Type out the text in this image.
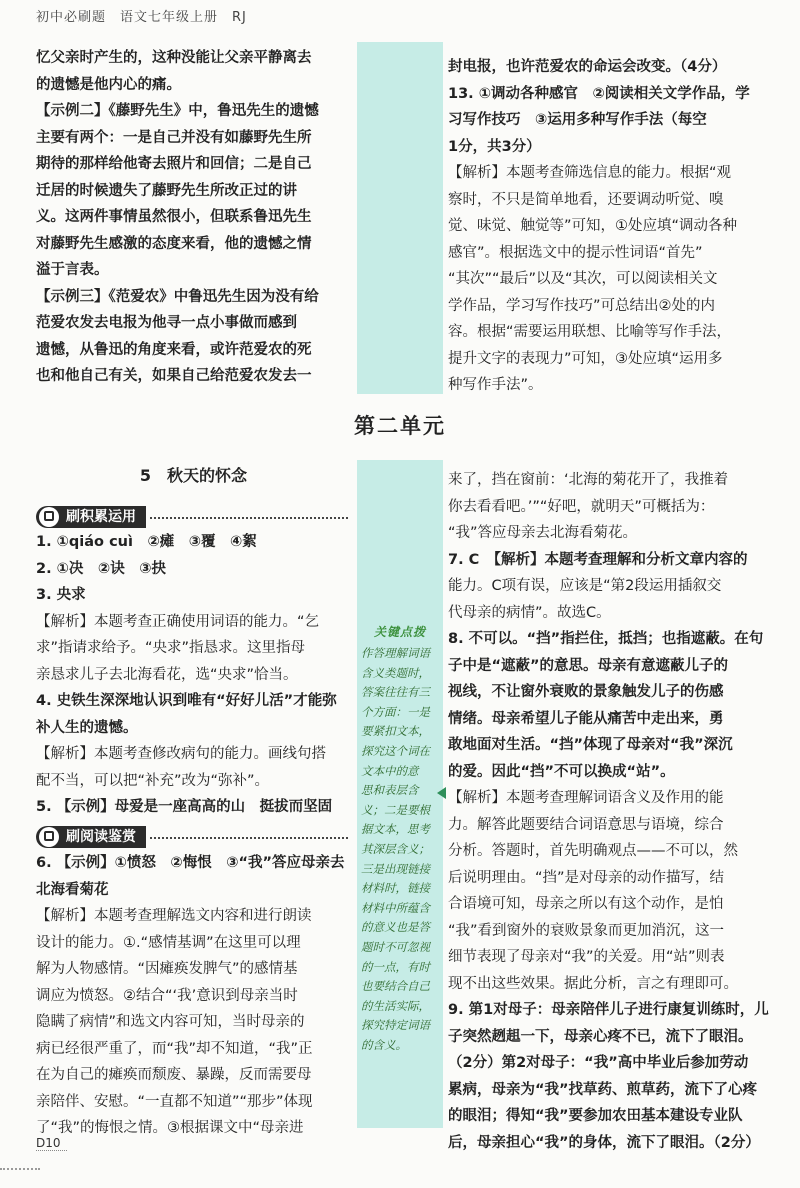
初中必刷题　语文七年级上册　RJ
关键点拨
作答理解词语
含义类题时，
答案往往有三
个方面：一是
要紧扣文本，
探究这个词在
文本中的意
思和表层含
义；二是要根
据文本，思考
其深层含义；
三是出现链接
材料时，链接
材料中所蕴含
的意义也是答
题时不可忽视
的一点，有时
也要结合自己
的生活实际，
探究特定词语
的含义。
忆父亲时产生的，这种没能让父亲平静离去
的遗憾是他内心的痛。
【示例二】《藤野先生》中，鲁迅先生的遗憾
主要有两个：一是自己并没有如藤野先生所
期待的那样给他寄去照片和回信；二是自己
迁居的时候遗失了藤野先生所改正过的讲
义。这两件事情虽然很小，但联系鲁迅先生
对藤野先生感激的态度来看，他的遗憾之情
溢于言表。
【示例三】《范爱农》中鲁迅先生因为没有给
范爱农发去电报为他寻一点小事做而感到
遗憾，从鲁迅的角度来看，或许范爱农的死
也和他自己有关，如果自己给范爱农发去一
封电报，也许范爱农的命运会改变。（4分）
13. ①调动各种感官　②阅读相关文学作品，学
习写作技巧　③运用多种写作手法（每空
1分，共3分）
【解析】本题考查筛选信息的能力。根据“观
察时，不只是简单地看，还要调动听觉、嗅
觉、味觉、触觉等”可知，①处应填“调动各种
感官”。根据选文中的提示性词语“首先”
“其次”“最后”以及“其次，可以阅读相关文
学作品，学习写作技巧”可总结出②处的内
容。根据“需要运用联想、比喻等写作手法，
提升文字的表现力”可知，③处应填“运用多
种写作手法”。
第二单元
5　秋天的怀念
刷积累运用
1. ①qiáo cuì　②瘫　③覆　④絮
2. ①决　②诀　③抉
3. 央求
【解析】本题考查正确使用词语的能力。“乞
求”指请求给予。“央求”指恳求。这里指母
亲恳求儿子去北海看花，选“央求”恰当。
4. 史铁生深深地认识到唯有“好好儿活”才能弥
补人生的遗憾。
【解析】本题考查修改病句的能力。画线句搭
配不当，可以把“补充”改为“弥补”。
5. 【示例】母爱是一座高高的山　挺拔而坚固
刷阅读鉴赏
6. 【示例】①愤怒　②悔恨　③“我”答应母亲去
北海看菊花
【解析】本题考查理解选文内容和进行朗读
设计的能力。①.“感情基调”在这里可以理
解为人物感情。“因瘫痪发脾气”的感情基
调应为愤怒。②结合“‘我’意识到母亲当时
隐瞒了病情”和选文内容可知，当时母亲的
病已经很严重了，而“我”却不知道，“我”正
在为自己的瘫痪而颓废、暴躁，反而需要母
亲陪伴、安慰。“一直都不知道”“那步”体现
了“我”的悔恨之情。③根据课文中“母亲进
来了，挡在窗前：‘北海的菊花开了，我推着
你去看看吧。’”“好吧，就明天”可概括为：
“我”答应母亲去北海看菊花。
7. C　【解析】本题考查理解和分析文章内容的
能力。C项有误，应该是“第2段运用插叙交
代母亲的病情”。故选C。
8. 不可以。“挡”指拦住，抵挡；也指遮蔽。在句
子中是“遮蔽”的意思。母亲有意遮蔽儿子的
视线，不让窗外衰败的景象触发儿子的伤感
情绪。母亲希望儿子能从痛苦中走出来，勇
敢地面对生活。“挡”体现了母亲对“我”深沉
的爱。因此“挡”不可以换成“站”。
【解析】本题考查理解词语含义及作用的能
力。解答此题要结合词语意思与语境，综合
分析。答题时，首先明确观点——不可以，然
后说明理由。“挡”是对母亲的动作描写，结
合语境可知，母亲之所以有这个动作，是怕
“我”看到窗外的衰败景象而更加消沉，这一
细节表现了母亲对“我”的关爱。用“站”则表
现不出这些效果。据此分析，言之有理即可。
9. 第1对母子：母亲陪伴儿子进行康复训练时，儿
子突然趔趄一下，母亲心疼不已，流下了眼泪。
（2分）第2对母子：“我”高中毕业后参加劳动
累病，母亲为“我”找草药、煎草药，流下了心疼
的眼泪；得知“我”要参加农田基本建设专业队
后，母亲担心“我”的身体，流下了眼泪。（2分）
D10
